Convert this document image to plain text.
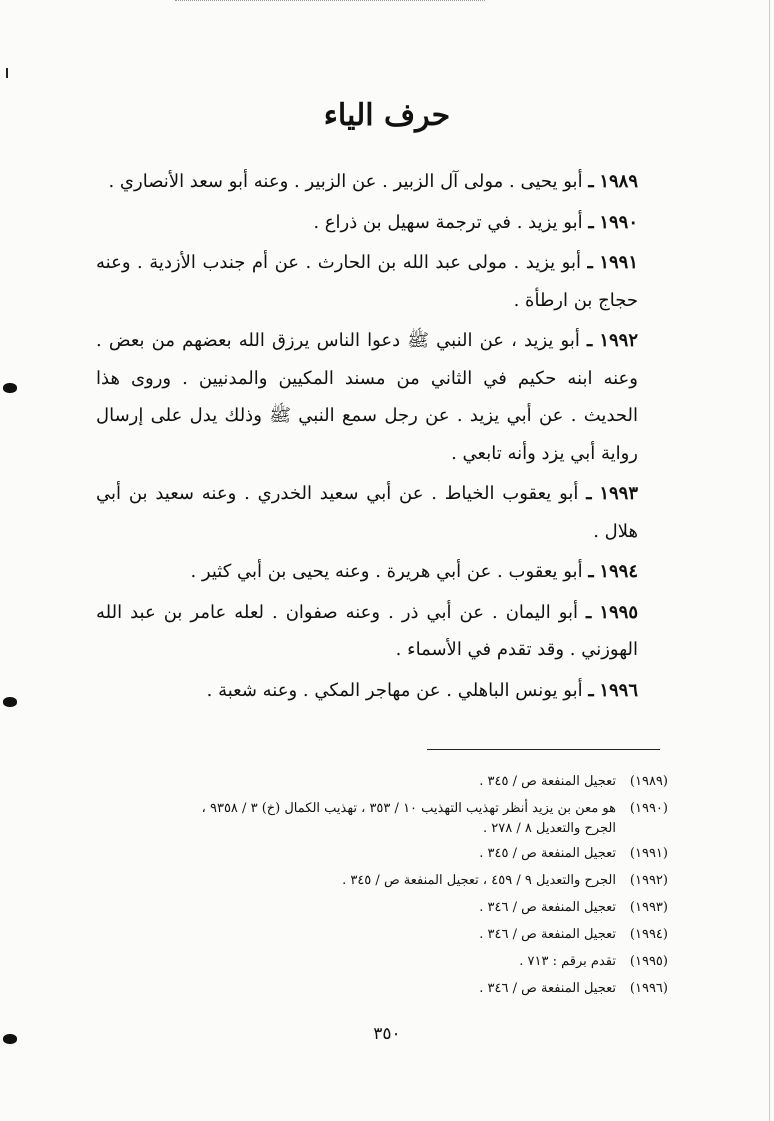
حرف الياء

١٩٨٩ ـ أبو يحيى . مولى آل الزبير . عن الزبير . وعنه أبو سعد الأنصاري .

١٩٩٠ ـ أبو يزيد . في ترجمة سهيل بن ذراع .

١٩٩١ ـ أبو يزيد . مولى عبد الله بن الحارث . عن أم جندب الأزدية . وعنه حجاج بن ارطأة .

١٩٩٢ ـ أبو يزيد ، عن النبي ﷺ دعوا الناس يرزق الله بعضهم من بعض . وعنه ابنه حكيم في الثاني من مسند المكيين والمدنيين . وروى هذا الحديث . عن أبي يزيد . عن رجل سمع النبي ﷺ وذلك يدل على إرسال رواية أبي يزد وأنه تابعي .

١٩٩٣ ـ أبو يعقوب الخياط . عن أبي سعيد الخدري . وعنه سعيد بن أبي هلال .

١٩٩٤ ـ أبو يعقوب . عن أبي هريرة . وعنه يحيى بن أبي كثير .

١٩٩٥ ـ أبو اليمان . عن أبي ذر . وعنه صفوان . لعله عامر بن عبد الله الهوزني . وقد تقدم في الأسماء .

١٩٩٦ ـ أبو يونس الباهلي . عن مهاجر المكي . وعنه شعبة .

(١٩٨٩)تعجيل المنفعة ص / ٣٤٥ .

(١٩٩٠)هو معن بن يزيد أنظر تهذيب التهذيب ١٠ / ٣٥٣ ، تهذيب الكمال (خ) ٣ / ٩٣٥٨ ،

الجرح والتعديل ٨ / ٢٧٨ .

(١٩٩١)تعجيل المنفعة ص / ٣٤٥ .

(١٩٩٢)الجرح والتعديل ٩ / ٤٥٩ ، تعجيل المنفعة ص / ٣٤٥ .

(١٩٩٣)تعجيل المنفعة ص / ٣٤٦ .

(١٩٩٤)تعجيل المنفعة ص / ٣٤٦ .

(١٩٩٥)تقدم برقم : ٧١٣ .

(١٩٩٦)تعجيل المنفعة ص / ٣٤٦ .

٣٥٠
